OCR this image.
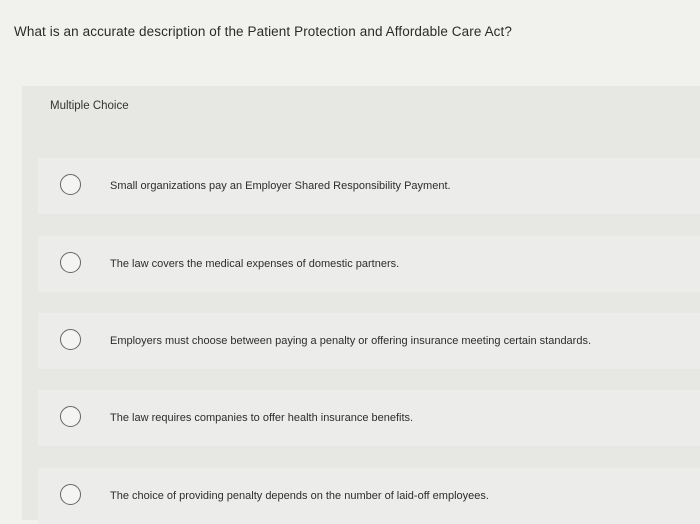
What is an accurate description of the Patient Protection and Affordable Care Act?
Multiple Choice
Small organizations pay an Employer Shared Responsibility Payment.
The law covers the medical expenses of domestic partners.
Employers must choose between paying a penalty or offering insurance meeting certain standards.
The law requires companies to offer health insurance benefits.
The choice of providing penalty depends on the number of laid-off employees.
